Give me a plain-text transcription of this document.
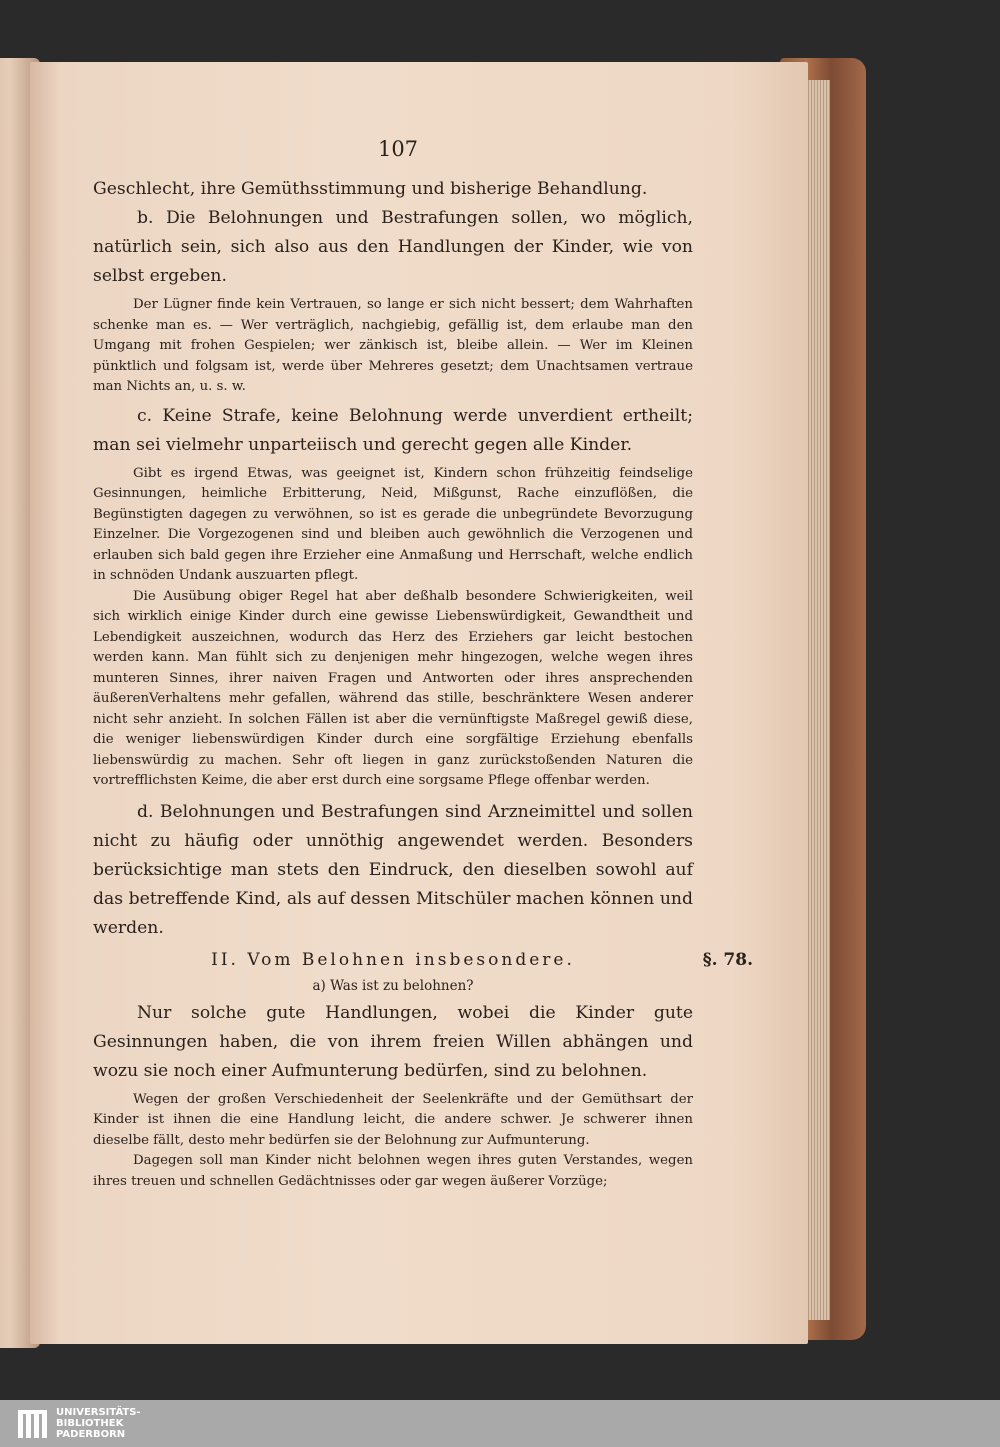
107

Geschlecht, ihre Gemüthsstimmung und bisherige Behandlung.

b. Die Belohnungen und Bestrafungen sollen, wo möglich, natürlich sein, sich also aus den Handlungen der Kinder, wie von selbst ergeben.

Der Lügner finde kein Vertrauen, so lange er sich nicht bessert; dem Wahrhaften schenke man es. — Wer verträglich, nachgiebig, gefällig ist, dem erlaube man den Umgang mit frohen Gespielen; wer zänkisch ist, bleibe allein. — Wer im Kleinen pünktlich und folgsam ist, werde über Mehreres gesetzt; dem Unachtsamen vertraue man Nichts an, u. s. w.

c. Keine Strafe, keine Belohnung werde unverdient ertheilt; man sei vielmehr unparteiisch und gerecht gegen alle Kinder.

Gibt es irgend Etwas, was geeignet ist, Kindern schon frühzeitig feindselige Gesinnungen, heimliche Erbitterung, Neid, Mißgunst, Rache einzuflößen, die Begünstigten dagegen zu verwöhnen, so ist es gerade die unbegründete Bevorzugung Einzelner. Die Vorgezogenen sind und bleiben auch gewöhnlich die Verzogenen und erlauben sich bald gegen ihre Erzieher eine Anmaßung und Herrschaft, welche endlich in schnöden Undank auszuarten pflegt.

Die Ausübung obiger Regel hat aber deßhalb besondere Schwierigkeiten, weil sich wirklich einige Kinder durch eine gewisse Liebenswürdigkeit, Gewandtheit und Lebendigkeit auszeichnen, wodurch das Herz des Erziehers gar leicht bestochen werden kann. Man fühlt sich zu denjenigen mehr hingezogen, welche wegen ihres munteren Sinnes, ihrer naiven Fragen und Antworten oder ihres ansprechenden äußerenVerhaltens mehr gefallen, während das stille, beschränktere Wesen anderer nicht sehr anzieht. In solchen Fällen ist aber die vernünftigste Maßregel gewiß diese, die weniger liebenswürdigen Kinder durch eine sorgfältige Erziehung ebenfalls liebenswürdig zu machen. Sehr oft liegen in ganz zurückstoßenden Naturen die vortrefflichsten Keime, die aber erst durch eine sorgsame Pflege offenbar werden.

d. Belohnungen und Bestrafungen sind Arzneimittel und sollen nicht zu häufig oder unnöthig angewendet werden. Besonders berücksichtige man stets den Eindruck, den dieselben sowohl auf das betreffende Kind, als auf dessen Mitschüler machen können und werden.

II. Vom Belohnen insbesondere.	§. 78.
a) Was ist zu belohnen?

Nur solche gute Handlungen, wobei die Kinder gute Gesinnungen haben, die von ihrem freien Willen abhängen und wozu sie noch einer Aufmunterung bedürfen, sind zu belohnen.

Wegen der großen Verschiedenheit der Seelenkräfte und der Gemüthsart der Kinder ist ihnen die eine Handlung leicht, die andere schwer. Je schwerer ihnen dieselbe fällt, desto mehr bedürfen sie der Belohnung zur Aufmunterung.

Dagegen soll man Kinder nicht belohnen wegen ihres guten Verstandes, wegen ihres treuen und schnellen Gedächtnisses oder gar wegen äußerer Vorzüge;

UNIVERSITÄTS-
BIBLIOTHEK
PADERBORN
